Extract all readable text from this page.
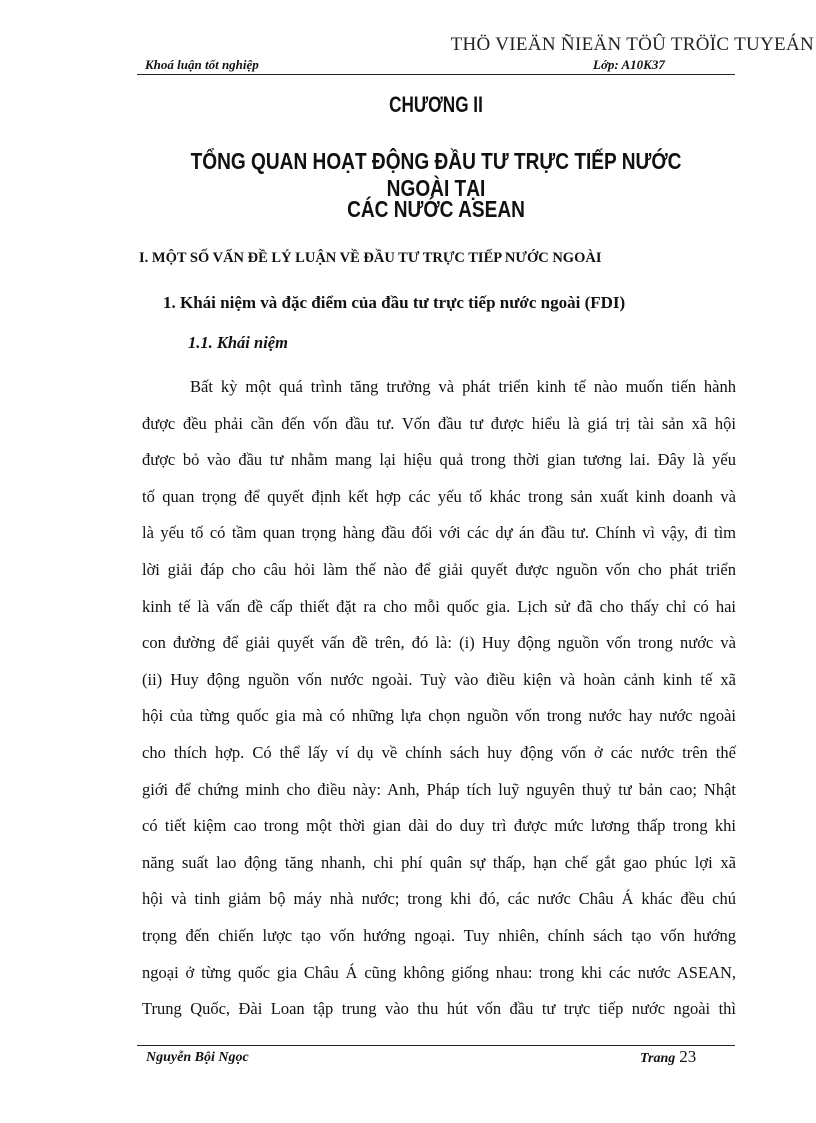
THÖ VIEÄN ÑIEÄN TÖÛ TRÖÏC TUYEÁN
Khoá luận tốt nghiệp	Lớp: A10K37
CHƯƠNG II
TỔNG QUAN HOẠT ĐỘNG ĐẦU TƯ TRỰC TIẾP NƯỚC NGOÀI TẠI
CÁC NƯỚC ASEAN
I. MỘT SỐ VẤN ĐỀ LÝ LUẬN VỀ ĐẦU TƯ TRỰC TIẾP NƯỚC NGOÀI
1. Khái niệm và đặc điểm của đầu tư trực tiếp nước ngoài (FDI)
1.1. Khái niệm
Bất kỳ một quá trình tăng trưởng và phát triển kinh tế nào muốn tiến hành
được đều phải cần đến vốn đầu tư. Vốn đầu tư được hiểu là giá trị tài sản xã hội
được bỏ vào đầu tư nhằm mang lại hiệu quả trong thời gian tương lai. Đây là yếu
tố quan trọng để quyết định kết hợp các yếu tố khác trong sản xuất kinh doanh và
là yếu tố có tầm quan trọng hàng đầu đối với các dự án đầu tư. Chính vì vậy, đi tìm
lời giải đáp cho câu hỏi làm thế nào để giải quyết được nguồn vốn cho phát triển
kinh tế là vấn đề cấp thiết đặt ra cho mỗi quốc gia. Lịch sử đã cho thấy chỉ có hai
con đường để giải quyết vấn đề trên, đó là: (i) Huy động nguồn vốn trong nước và
(ii) Huy động nguồn vốn nước ngoài. Tuỳ vào điều kiện và hoàn cảnh kinh tế xã
hội của từng quốc gia mà có những lựa chọn nguồn vốn trong nước hay nước ngoài
cho thích hợp. Có thể lấy ví dụ về chính sách huy động vốn ở các nước trên thế
giới để chứng minh cho điều này: Anh, Pháp tích luỹ nguyên thuỷ tư bản cao; Nhật
có tiết kiệm cao trong một thời gian dài do duy trì được mức lương thấp trong khi
năng suất lao động tăng nhanh, chi phí quân sự thấp, hạn chế gắt gao phúc lợi xã
hội và tinh giảm bộ máy nhà nước; trong khi đó, các nước Châu Á khác đều chú
trọng đến chiến lược tạo vốn hướng ngoại. Tuy nhiên, chính sách tạo vốn hướng
ngoại ở từng quốc gia Châu Á cũng không giống nhau: trong khi các nước ASEAN,
Trung Quốc, Đài Loan tập trung vào thu hút vốn đầu tư trực tiếp nước ngoài thì
Nguyễn Bội Ngọc	Trang 23
